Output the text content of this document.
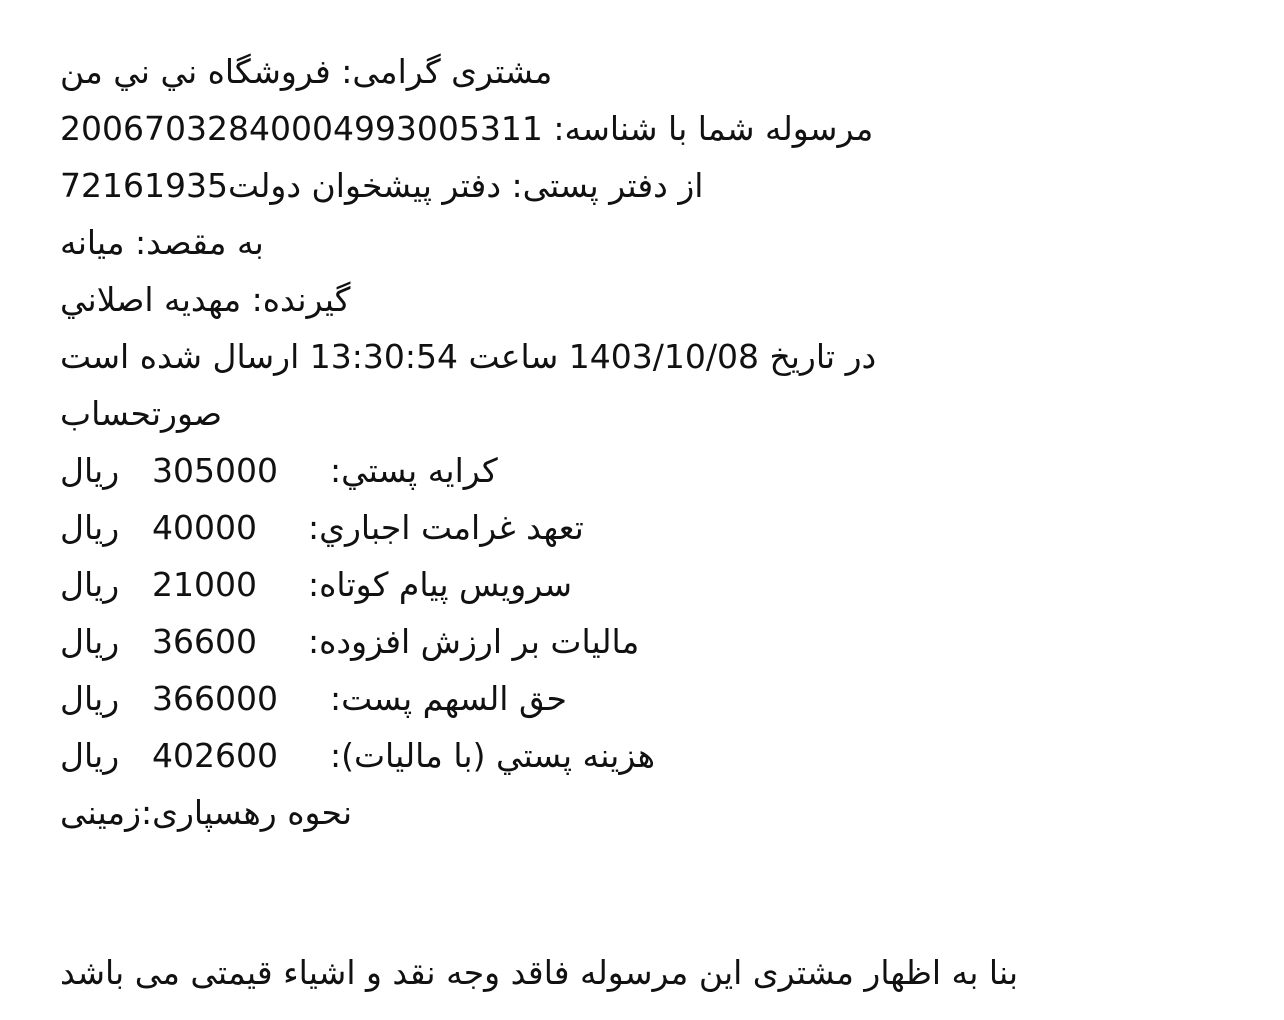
مشتری گرامی: فروشگاه ني ني من
مرسوله شما با شناسه: 20067032840004993005311
از دفتر پستی: دفتر پیشخوان دولت72161935
به مقصد: میانه
گیرنده: مهدیه اصلاني
در تاریخ 1403/10/08 ساعت 13:30:54 ارسال شده است
صورتحساب
ريال 305000 كرايه پستي:
ريال 40000 تعهد غرامت اجباري:
ريال 21000 سرويس پيام كوتاه:
ريال 36600 ماليات بر ارزش افزوده:
ريال 366000 حق السهم پست:
ريال 402600 هزينه پستي (با ماليات):
نحوه رهسپاری:زمینی
بنا به اظهار مشتری این مرسوله فاقد وجه نقد و اشیاء قیمتی می باشد
